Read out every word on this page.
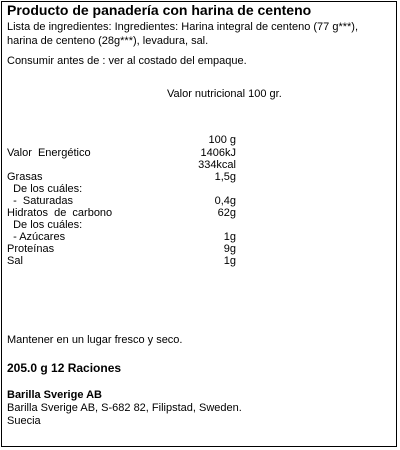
Producto de panadería con harina de centeno
Lista de ingredientes: Ingredientes: Harina integral de centeno (77 g***), harina de centeno (28g***), levadura, sal.
Consumir antes de : ver al costado del empaque.
Valor nutricional 100 gr.
100 g
Valor  Energético	1406kJ
334kcal
Grasas	1,5g
De los cuáles:
-  Saturadas	0,4g
Hidratos  de  carbono	62g
De los cuáles:
- Azúcares	1g
Proteínas	9g
Sal	1g
Mantener en un lugar fresco y seco.
205.0 g 12 Raciones
Barilla Sverige AB
Barilla Sverige AB, S-682 82, Filipstad, Sweden.
Suecia
